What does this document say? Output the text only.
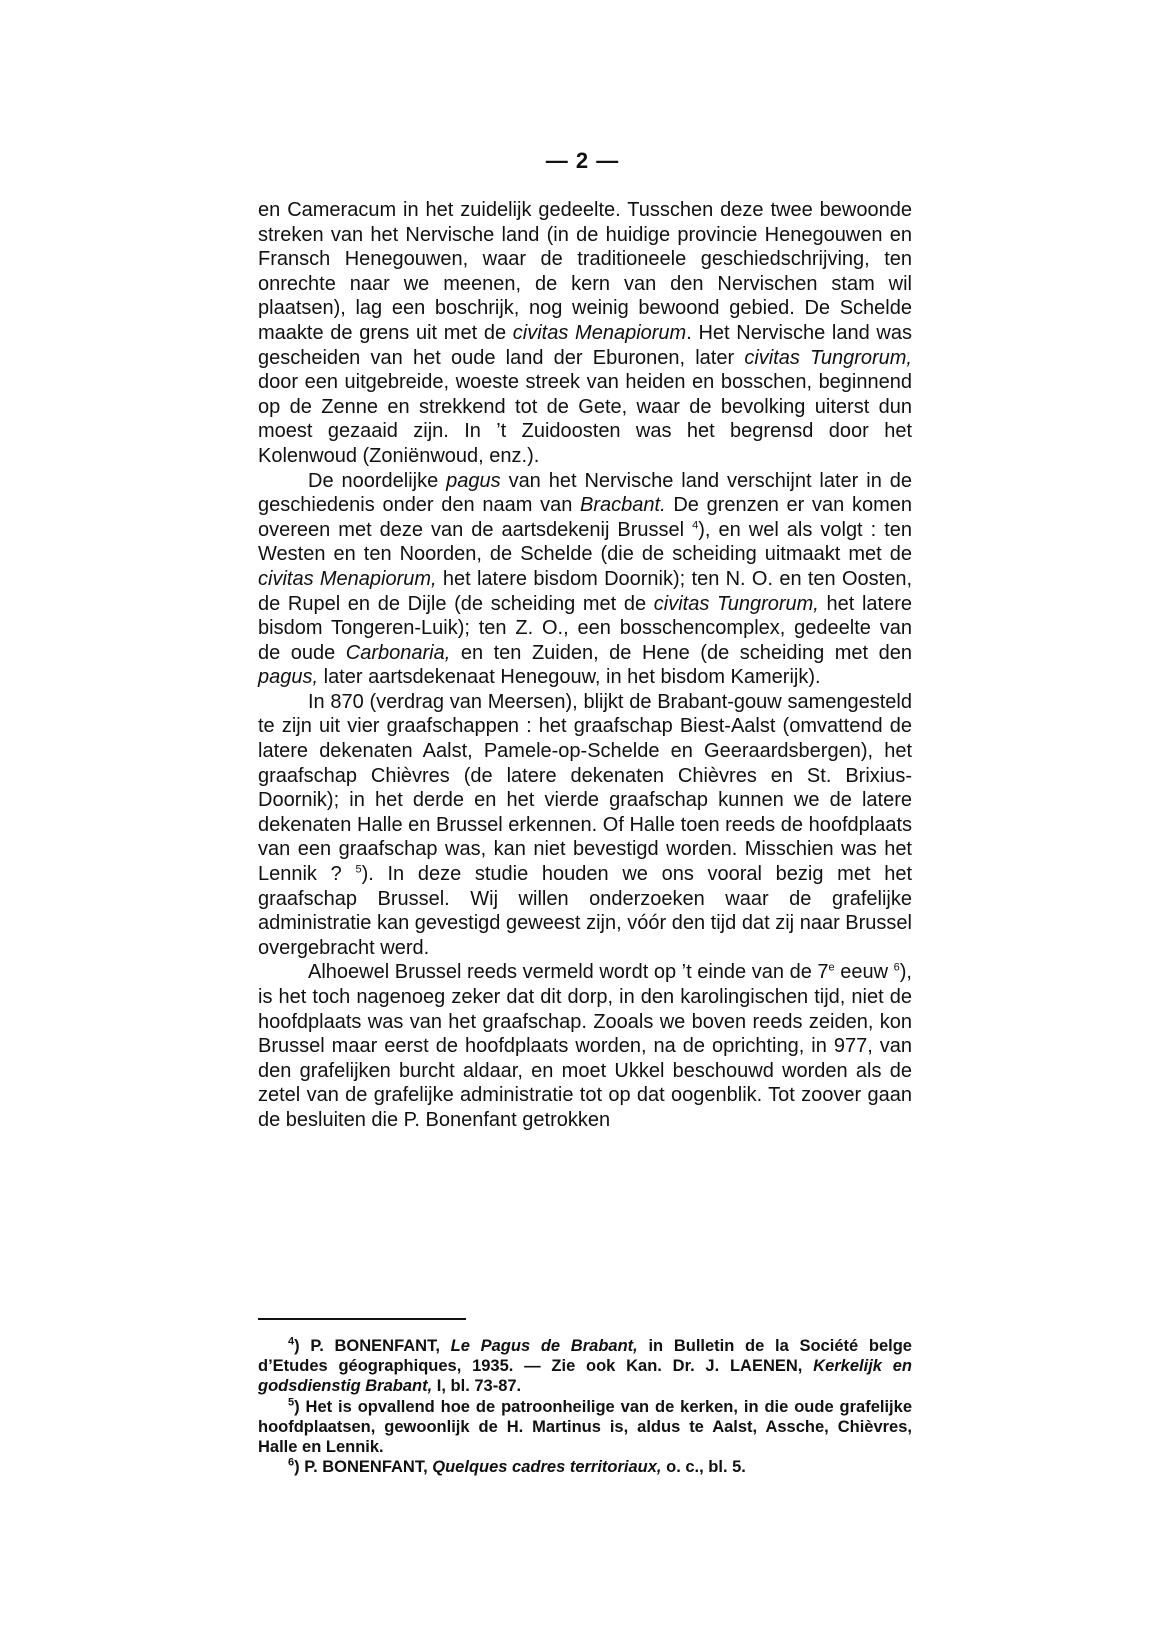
— 2 —

en Cameracum in het zuidelijk gedeelte. Tusschen deze twee bewoonde streken van het Nervische land (in de huidige provincie Henegouwen en Fransch Henegouwen, waar de traditioneele geschiedschrijving, ten onrechte naar we meenen, de kern van den Nervischen stam wil plaatsen), lag een boschrijk, nog weinig bewoond gebied. De Schelde maakte de grens uit met de civitas Menapiorum. Het Nervische land was gescheiden van het oude land der Eburonen, later civitas Tungrorum, door een uitgebreide, woeste streek van heiden en bosschen, beginnend op de Zenne en strekkend tot de Gete, waar de bevolking uiterst dun moest gezaaid zijn. In ’t Zuidoosten was het begrensd door het Kolenwoud (Zoniënwoud, enz.).

De noordelijke pagus van het Nervische land verschijnt later in de geschiedenis onder den naam van Bracbant. De grenzen er van komen overeen met deze van de aartsdekenij Brussel $^4$), en wel als volgt : ten Westen en ten Noorden, de Schelde (die de scheiding uitmaakt met de civitas Menapiorum, het latere bisdom Doornik); ten N. O. en ten Oosten, de Rupel en de Dijle (de scheiding met de civitas Tungrorum, het latere bisdom Tongeren-Luik); ten Z. O., een bosschencomplex, gedeelte van de oude Carbonaria, en ten Zuiden, de Hene (de scheiding met den pagus, later aartsdekenaat Henegouw, in het bisdom Kamerijk).

In 870 (verdrag van Meersen), blijkt de Brabant-gouw samengesteld te zijn uit vier graafschappen : het graafschap Biest-Aalst (omvattend de latere dekenaten Aalst, Pamele-op-Schelde en Geeraardsbergen), het graafschap Chièvres (de latere dekenaten Chièvres en St. Brixius-Doornik); in het derde en het vierde graafschap kunnen we de latere dekenaten Halle en Brussel erkennen. Of Halle toen reeds de hoofdplaats van een graafschap was, kan niet bevestigd worden. Misschien was het Lennik ? $^5$). In deze studie houden we ons vooral bezig met het graafschap Brussel. Wij willen onderzoeken waar de grafelijke administratie kan gevestigd geweest zijn, vóór den tijd dat zij naar Brussel overgebracht werd.

Alhoewel Brussel reeds vermeld wordt op ’t einde van de 7e eeuw $^6$), is het toch nagenoeg zeker dat dit dorp, in den karolingischen tijd, niet de hoofdplaats was van het graafschap. Zooals we boven reeds zeiden, kon Brussel maar eerst de hoofdplaats worden, na de oprichting, in 977, van den grafelijken burcht aldaar, en moet Ukkel beschouwd worden als de zetel van de grafelijke administratie tot op dat oogenblik. Tot zoover gaan de besluiten die P. Bonenfant getrokken

$^4$) P. BONENFANT, Le Pagus de Brabant, in Bulletin de la Société belge d’Etudes géographiques, 1935. — Zie ook Kan. Dr. J. LAENEN, Kerkelijk en godsdienstig Brabant, I, bl. 73-87.

$^5$) Het is opvallend hoe de patroonheilige van de kerken, in die oude grafelijke hoofdplaatsen, gewoonlijk de H. Martinus is, aldus te Aalst, Assche, Chièvres, Halle en Lennik.

$^6$) P. BONENFANT, Quelques cadres territoriaux, o. c., bl. 5.
